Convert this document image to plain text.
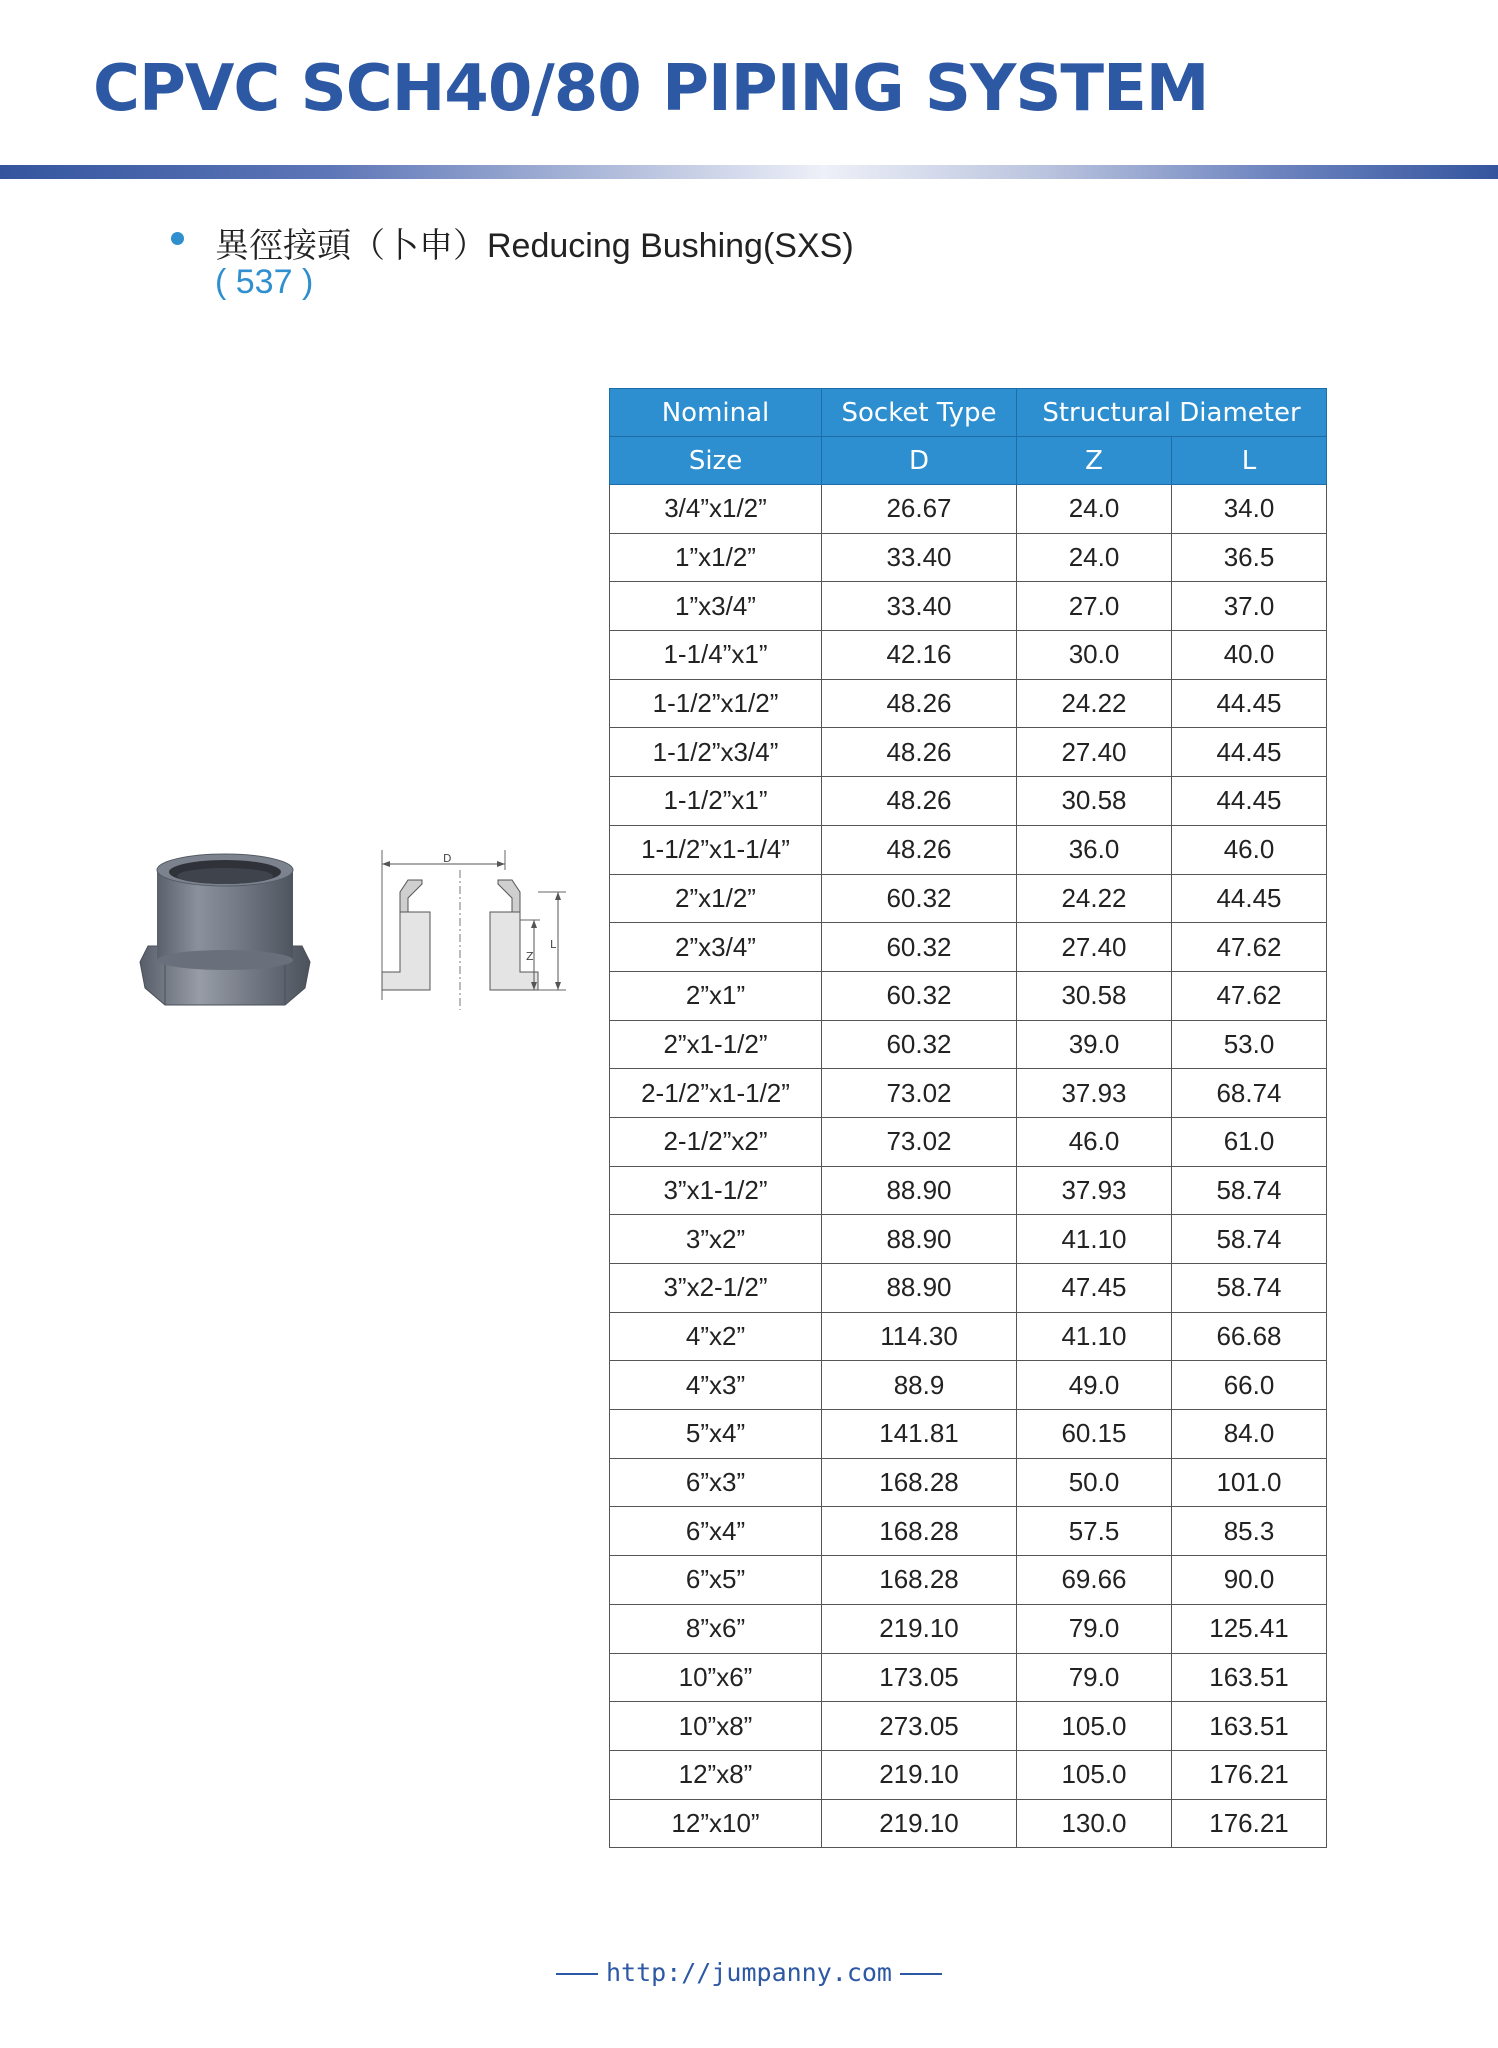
CPVC SCH40/80 PIPING SYSTEM

異徑接頭（卜申）Reducing Bushing(SXS)

( 537 )

D
L
Z
Nominal	Socket Type	Structural Diameter	
Size	D	Z	L
3/4”x1/2”	26.67	24.0	34.0
1”x1/2”	33.40	24.0	36.5
1”x3/4”	33.40	27.0	37.0
1-1/4”x1”	42.16	30.0	40.0
1-1/2”x1/2”	48.26	24.22	44.45
1-1/2”x3/4”	48.26	27.40	44.45
1-1/2”x1”	48.26	30.58	44.45
1-1/2”x1-1/4”	48.26	36.0	46.0
2”x1/2”	60.32	24.22	44.45
2”x3/4”	60.32	27.40	47.62
2”x1”	60.32	30.58	47.62
2”x1-1/2”	60.32	39.0	53.0
2-1/2”x1-1/2”	73.02	37.93	68.74
2-1/2”x2”	73.02	46.0	61.0
3”x1-1/2”	88.90	37.93	58.74
3”x2”	88.90	41.10	58.74
3”x2-1/2”	88.90	47.45	58.74
4”x2”	114.30	41.10	66.68
4”x3”	88.9	49.0	66.0
5”x4”	141.81	60.15	84.0
6”x3”	168.28	50.0	101.0
6”x4”	168.28	57.5	85.3
6”x5”	168.28	69.66	90.0
8”x6”	219.10	79.0	125.41
10”x6”	173.05	79.0	163.51
10”x8”	273.05	105.0	163.51
12”x8”	219.10	105.0	176.21
12”x10”	219.10	130.0	176.21
http://jumpanny.com
